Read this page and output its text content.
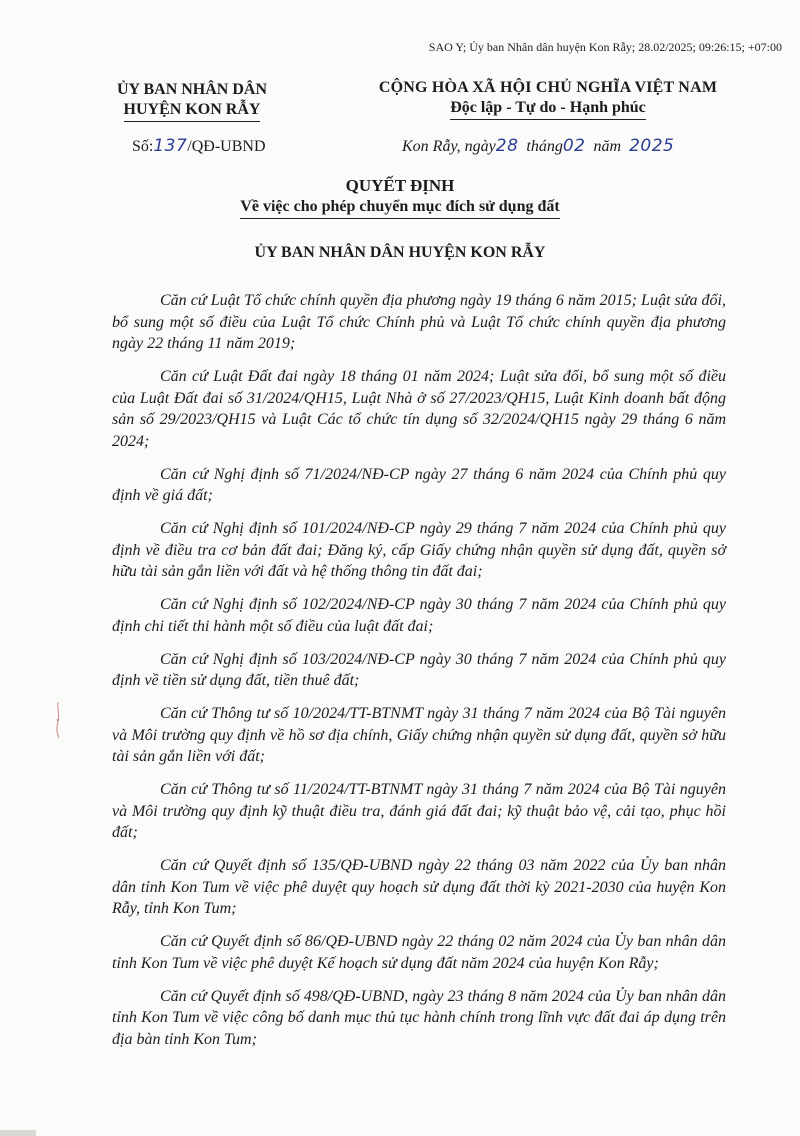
SAO Y; Ủy ban Nhân dân huyện Kon Rẫy; 28.02/2025; 09:26:15; +07:00
ỦY BAN NHÂN DÂN
HUYỆN KON RẪY
CỘNG HÒA XÃ HỘI CHỦ NGHĨA VIỆT NAM
Độc lập - Tự do - Hạnh phúc
Số:137/QĐ-UBND	Kon Rẫy, ngày28 tháng02 năm 2025
QUYẾT ĐỊNH
Về việc cho phép chuyển mục đích sử dụng đất
ỦY BAN NHÂN DÂN HUYỆN KON RẪY

Căn cứ Luật Tổ chức chính quyền địa phương ngày 19 tháng 6 năm 2015; Luật sửa đổi, bổ sung một số điều của Luật Tổ chức Chính phủ và Luật Tổ chức chính quyền địa phương ngày 22 tháng 11 năm 2019;

Căn cứ Luật Đất đai ngày 18 tháng 01 năm 2024; Luật sửa đổi, bổ sung một số điều của Luật Đất đai số 31/2024/QH15, Luật Nhà ở số 27/2023/QH15, Luật Kinh doanh bất động sản số 29/2023/QH15 và Luật Các tổ chức tín dụng số 32/2024/QH15 ngày 29 tháng 6 năm 2024;

Căn cứ Nghị định số 71/2024/NĐ-CP ngày 27 tháng 6 năm 2024 của Chính phủ quy định về giá đất;

Căn cứ Nghị định số 101/2024/NĐ-CP ngày 29 tháng 7 năm 2024 của Chính phủ quy định về điều tra cơ bản đất đai; Đăng ký, cấp Giấy chứng nhận quyền sử dụng đất, quyền sở hữu tài sản gắn liền với đất và hệ thống thông tin đất đai;

Căn cứ Nghị định số 102/2024/NĐ-CP ngày 30 tháng 7 năm 2024 của Chính phủ quy định chi tiết thi hành một số điều của luật đất đai;

Căn cứ Nghị định số 103/2024/NĐ-CP ngày 30 tháng 7 năm 2024 của Chính phủ quy định về tiền sử dụng đất, tiền thuê đất;

Căn cứ Thông tư số 10/2024/TT-BTNMT ngày 31 tháng 7 năm 2024 của Bộ Tài nguyên và Môi trường quy định về hồ sơ địa chính, Giấy chứng nhận quyền sử dụng đất, quyền sở hữu tài sản gắn liền với đất;

Căn cứ Thông tư số 11/2024/TT-BTNMT ngày 31 tháng 7 năm 2024 của Bộ Tài nguyên và Môi trường quy định kỹ thuật điều tra, đánh giá đất đai; kỹ thuật bảo vệ, cải tạo, phục hồi đất;

Căn cứ Quyết định số 135/QĐ-UBND ngày 22 tháng 03 năm 2022 của Ủy ban nhân dân tỉnh Kon Tum về việc phê duyệt quy hoạch sử dụng đất thời kỳ 2021-2030 của huyện Kon Rẫy, tỉnh Kon Tum;

Căn cứ Quyết định số 86/QĐ-UBND ngày 22 tháng 02 năm 2024 của Ủy ban nhân dân tỉnh Kon Tum về việc phê duyệt Kế hoạch sử dụng đất năm 2024 của huyện Kon Rẫy;

Căn cứ Quyết định số 498/QĐ-UBND, ngày 23 tháng 8 năm 2024 của Ủy ban nhân dân tỉnh Kon Tum về việc công bố danh mục thủ tục hành chính trong lĩnh vực đất đai áp dụng trên địa bàn tỉnh Kon Tum;
